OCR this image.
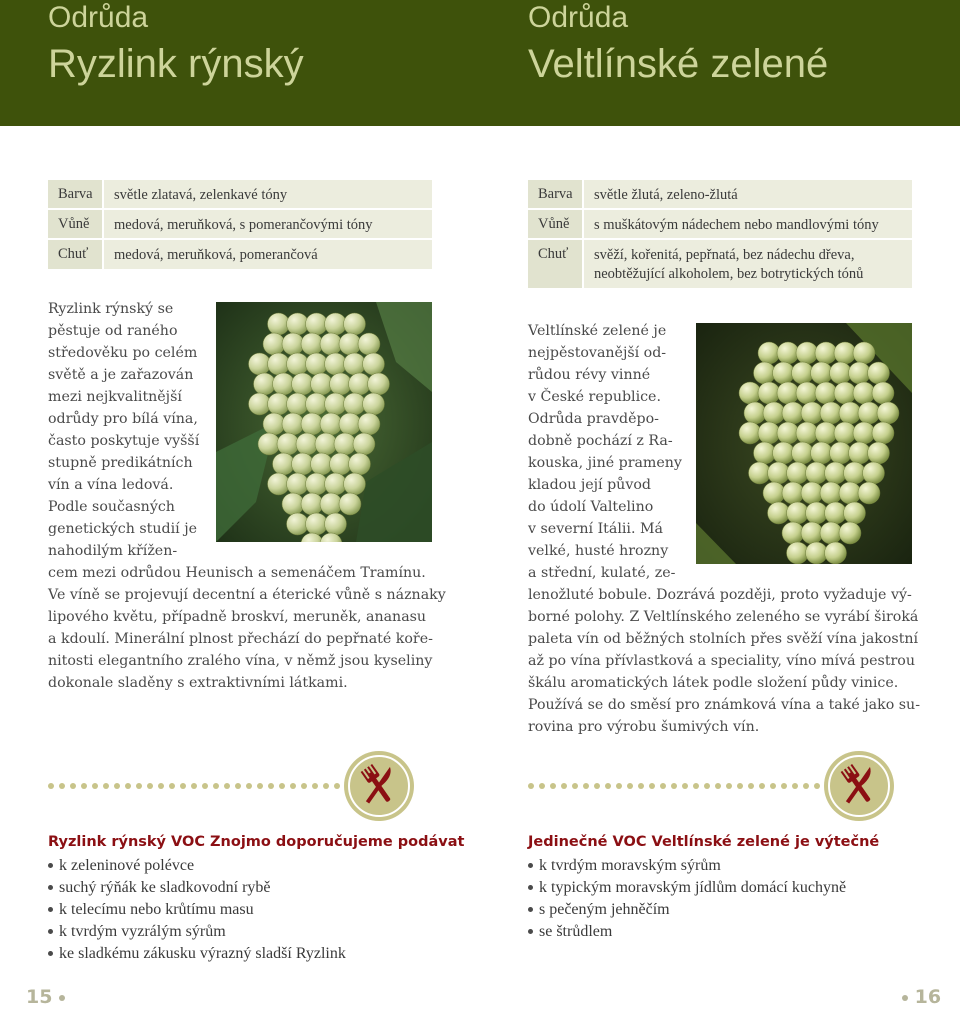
Odrůda
Ryzlink rýnský
Odrůda
Veltlínské zelené
Barva	světle zlatavá, zelenkavé tóny
Vůně	medová, meruňková, s pomerančovými tóny
Chuť	medová, meruňková, pomerančová
Barva	světle žlutá, zeleno-žlutá
Vůně	s muškátovým nádechem nebo mandlovými tóny
Chuť	svěží, kořenitá, pepřnatá, bez nádechu dřeva,
neobtěžující alkoholem, bez botrytických tónů
Ryzlink rýnský se
pěstuje od raného
středověku po celém
světě a je zařazován
mezi nejkvalitnější
odrůdy pro bílá vína,
často poskytuje vyšší
stupně predikátních
vín a vína ledová.
Podle současných
genetických studií je
nahodilým křížen-
cem mezi odrůdou Heunisch a semenáčem Tramínu.
Ve víně se projevují decentní a éterické vůně s náznaky
lipového květu, případně broskví, meruněk, ananasu
a kdoulí. Minerální plnost přechází do pepřnaté kоře-
nitosti elegantního zralého vína, v němž jsou kyseliny
dokonale sladěny s extraktivními látkami.
Veltlínské zelené je
nejpěstovanější od-
růdou révy vinné
v České republice.
Odrůda pravděpo-
dobně pochází z Ra-
kouska, jiné prameny
kladou její původ
do údolí Valtelino
v severní Itálii. Má
velké, husté hrozny
a střední, kulaté, ze-
lenožluté bobule. Dozrává později, proto vyžaduje vý-
borné polohy. Z Veltlínského zeleného se vyrábí široká
paleta vín od běžných stolních přes svěží vína jakostní
až po vína přívlastková a speciality, víno mívá pestrou
škálu aromatických látek podle složení půdy vinice.
Používá se do směsí pro známková vína a také jako su-
rovina pro výrobu šumivých vín.
Ryzlink rýnský VOC Znojmo doporučujeme podávat
k zeleninové polévce
suchý rýňák ke sladkovodní rybě
k telecímu nebo krůtímu masu
k tvrdým vyzrálým sýrům
ke sladkému zákusku výrazný sladší Ryzlink
Jedinečné VOC Veltlínské zelené je výtečné
k tvrdým moravským sýrům
k typickým moravským jídlům domácí kuchyně
s pečeným jehněčím
se štrůdlem
15	16
